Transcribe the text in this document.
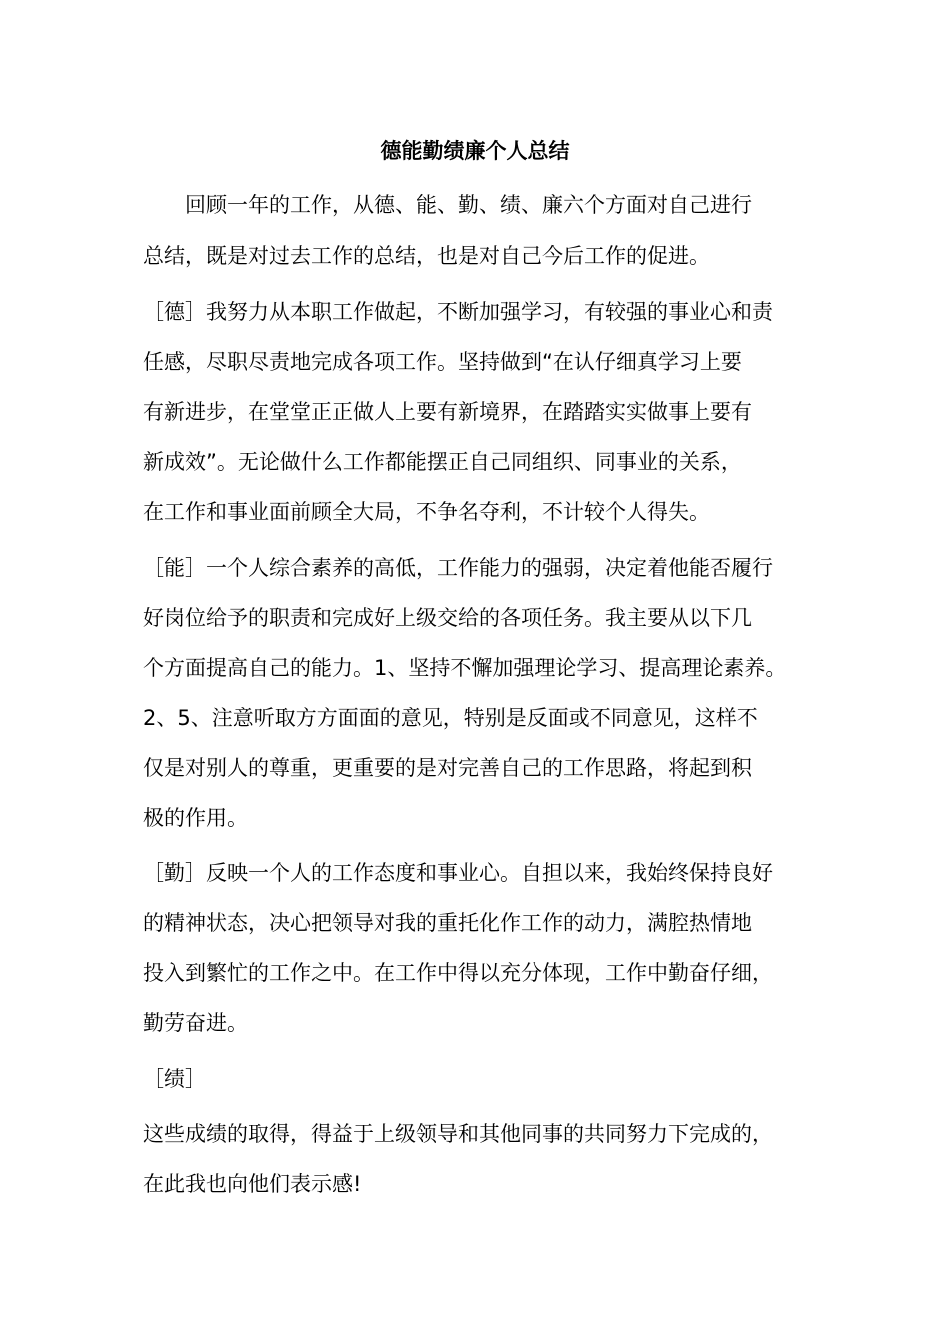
德能勤绩廉个人总结
　　回顾一年的工作，从德、能、勤、绩、廉六个方面对自己进行
总结，既是对过去工作的总结，也是对自己今后工作的促进。
［德］我努力从本职工作做起，不断加强学习，有较强的事业心和责
任感，尽职尽责地完成各项工作。坚持做到“在认仔细真学习上要
有新进步，在堂堂正正做人上要有新境界，在踏踏实实做事上要有
新成效”。无论做什么工作都能摆正自己同组织、同事业的关系，
在工作和事业面前顾全大局，不争名夺利，不计较个人得失。
［能］一个人综合素养的高低，工作能力的强弱，决定着他能否履行
好岗位给予的职责和完成好上级交给的各项任务。我主要从以下几
个方面提高自己的能力。1、坚持不懈加强理论学习、提高理论素养。
2、5、注意听取方方面面的意见，特别是反面或不同意见，这样不
仅是对别人的尊重，更重要的是对完善自己的工作思路，将起到积
极的作用。
［勤］反映一个人的工作态度和事业心。自担以来，我始终保持良好
的精神状态，决心把领导对我的重托化作工作的动力，满腔热情地
投入到繁忙的工作之中。在工作中得以充分体现，工作中勤奋仔细，
勤劳奋进。
［绩］
这些成绩的取得，得益于上级领导和其他同事的共同努力下完成的，
在此我也向他们表示感!
